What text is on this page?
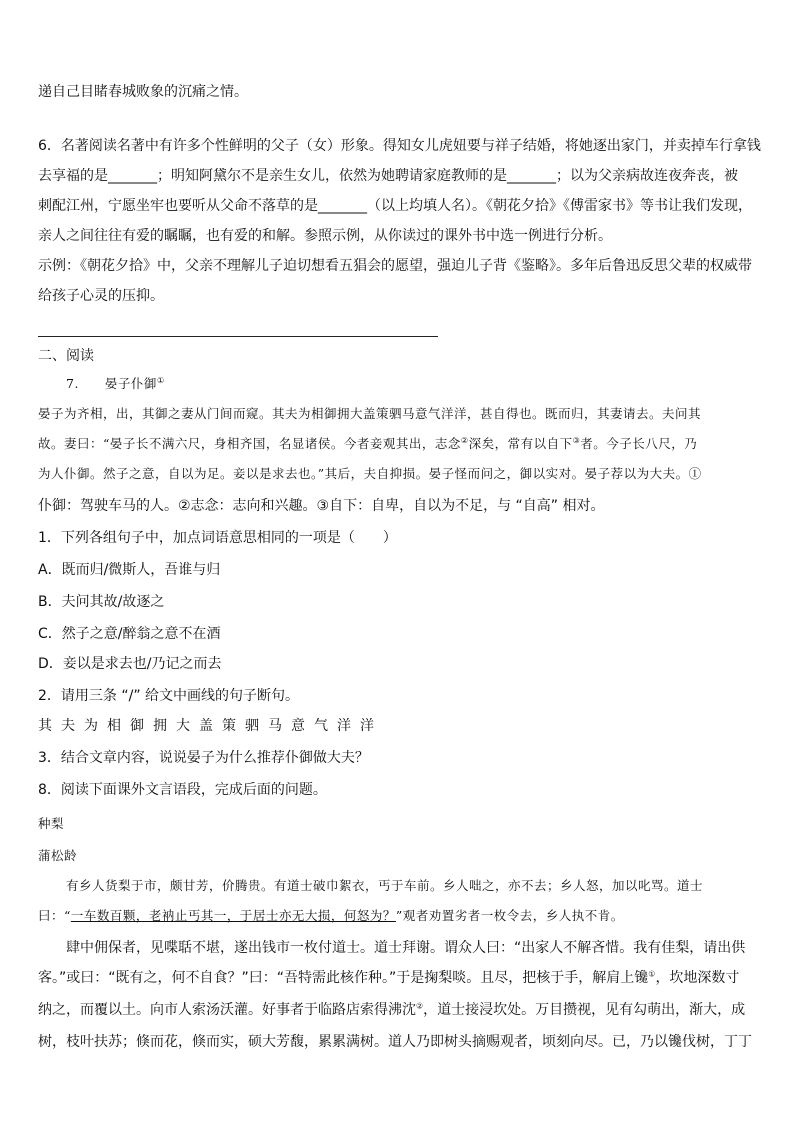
递自己目睹春城败象的沉痛之情。
6．名著阅读名著中有许多个性鲜明的父子（女）形象。得知女儿虎妞要与祥子结婚，将她逐出家门，并卖掉车行拿钱
去享福的是_______；明知阿黛尔不是亲生女儿，依然为她聘请家庭教师的是_______；以为父亲病故连夜奔丧，被
刺配江州，宁愿坐牢也要听从父命不落草的是_______（以上均填人名）。《朝花夕拾》《傅雷家书》等书让我们发现，
亲人之间往往有爱的瞩瞩，也有爱的和解。参照示例，从你读过的课外书中选一例进行分析。
示例：《朝花夕拾》中，父亲不理解儿子迫切想看五猖会的愿望，强迫儿子背《鉴略》。多年后鲁迅反思父辈的权威带
给孩子心灵的压抑。
二、阅读
7.　　晏子仆御①
晏子为齐相，出，其御之妻从门间而窥。其夫为相御拥大盖策驷马意气洋洋，甚自得也。既而归，其妻请去。夫问其
故。妻曰：“晏子长不满六尺，身相齐国，名显诸侯。今者妾观其出，志念②深矣，常有以自下③者。今子长八尺，乃
为人仆御。然子之意，自以为足。妾以是求去也。”其后，夫自抑损。晏子怪而问之，御以实对。晏子荐以为大夫。①
仆御：驾驶车马的人。②志念：志向和兴趣。③自下：自卑，自以为不足，与 “自高” 相对。
1．下列各组句子中，加点词语意思相同的一项是（　　）
A．既而归/微斯人，吾谁与归
B．夫问其故/故逐之
C．然子之意/醉翁之意不在酒
D．妾以是求去也/乃记之而去
2．请用三条 “/” 给文中画线的句子断句。
其夫为相御拥大盖策驷马意气洋洋
3．结合文章内容，说说晏子为什么推荐仆御做大夫？
8．阅读下面课外文言语段，完成后面的问题。
种梨
蒲松龄
有乡人货梨于市，颇甘芳，价腾贵。有道士破巾絮衣，丐于车前。乡人咄之，亦不去；乡人怒，加以叱骂。道士
曰：“一车数百颗，老衲止丐其一，于居士亦无大损，何怒为？”观者劝置劣者一枚令去，乡人执不肯。
肆中佣保者，见喋聒不堪，遂出钱市一枚付道士。道士拜谢。谓众人曰：“出家人不解吝惜。我有佳梨，请出供
客。”或曰：“既有之，何不自食？”曰：“吾特需此核作种。”于是掬梨啖。且尽，把核于手，解肩上镵①，坎地深数寸
纳之，而覆以土。向市人索汤沃灌。好事者于临路店索得沸沈②，道士接浸坎处。万目攒视，见有勾萌出，渐大，成
树，枝叶扶苏；倏而花，倏而实，硕大芳馥，累累满树。道人乃即树头摘赐观者，顷刻向尽。已，乃以镵伐树，丁丁
